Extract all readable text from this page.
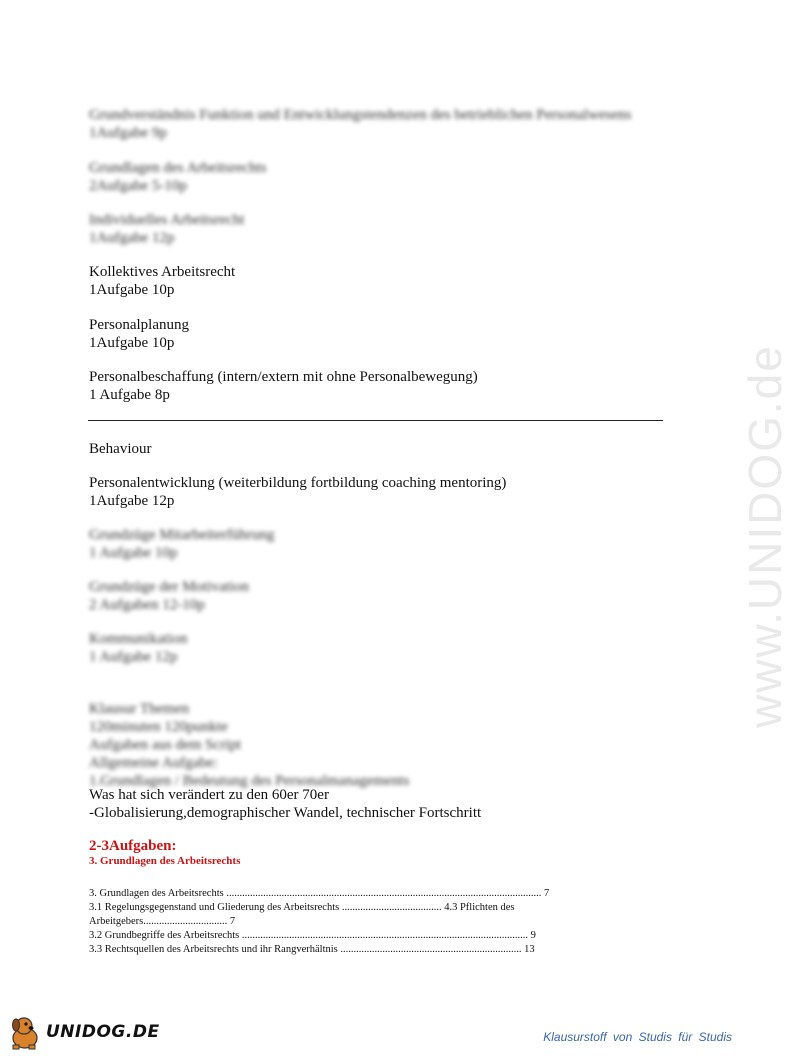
Grundverständnis Funktion und Entwicklungstendenzen des betrieblichen Personalwesens
1Aufgabe 9p
Grundlagen des Arbeitsrechts
2Aufgabe 5-10p
Individuelles Arbeitsrecht
1Aufgabe 12p
Kollektives Arbeitsrecht
1Aufgabe 10p
Personalplanung
1Aufgabe 10p
Personalbeschaffung (intern/extern mit ohne Personalbewegung)
1 Aufgabe 8p
Behaviour
Personalentwicklung (weiterbildung fortbildung coaching mentoring)
1Aufgabe 12p
Grundzüge Mitarbeiterführung
1 Aufgabe 10p
Grundzüge der Motivation
2 Aufgaben 12-10p
Kommunikation
1 Aufgabe 12p
Klausur Themen
120minuten 120punkte
Aufgaben aus dem Script
Allgemeine Aufgabe:
1.Grundlagen / Bedeutung des Personalmanagements
Was hat sich verändert zu den 60er 70er
-Globalisierung,demographischer Wandel, technischer Fortschritt
2-3Aufgaben:
3. Grundlagen des Arbeitsrechts
3. Grundlagen des Arbeitsrechts ........................................................................................................................ 7
3.1 Regelungsgegenstand und Gliederung des Arbeitsrechts ...................................... 4.3 Pflichten des
Arbeitgebers................................ 7
3.2 Grundbegriffe des Arbeitsrechts ............................................................................................................. 9
3.3 Rechtsquellen des Arbeitsrechts und ihr Rangverhältnis ..................................................................... 13
www.UNIDOG.de
UNIDOG.DE	Klausurstoff von Studis für Studis
